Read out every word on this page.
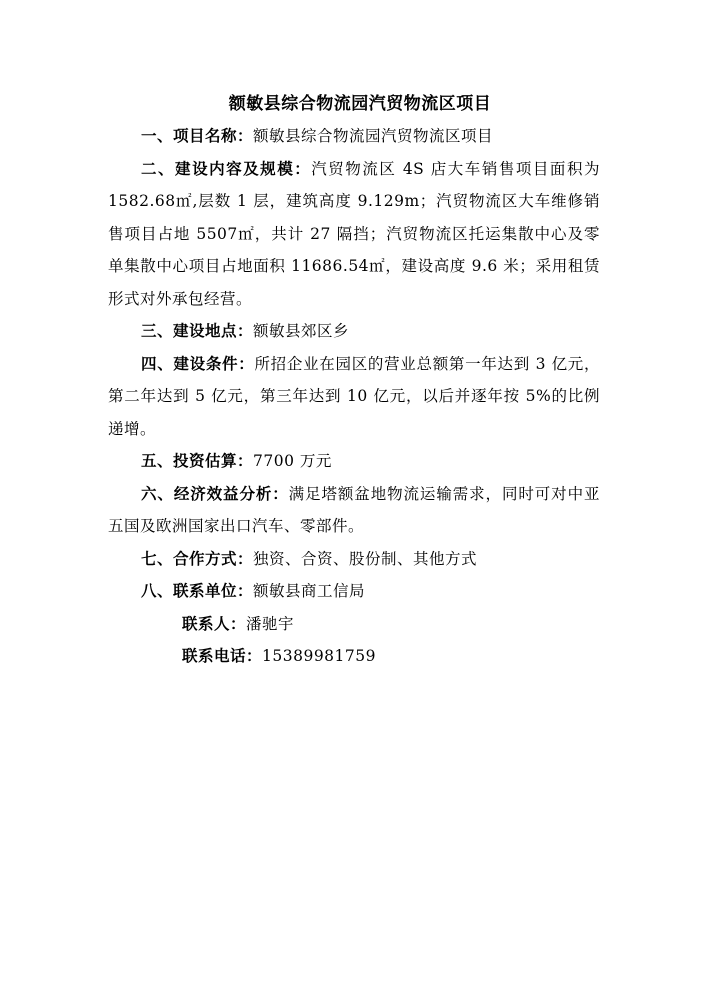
额敏县综合物流园汽贸物流区项目
一、项目名称：额敏县综合物流园汽贸物流区项目
二、建设内容及规模：汽贸物流区 4S 店大车销售项目面积为 1582.68㎡,层数 1 层，建筑高度 9.129m；汽贸物流区大车维修销售项目占地 5507㎡，共计 27 隔挡；汽贸物流区托运集散中心及零单集散中心项目占地面积 11686.54㎡，建设高度 9.6 米；采用租赁形式对外承包经营。
三、建设地点：额敏县郊区乡
四、建设条件：所招企业在园区的营业总额第一年达到 3 亿元，第二年达到 5 亿元，第三年达到 10 亿元，以后并逐年按 5%的比例递增。
五、投资估算：7700 万元
六、经济效益分析：满足塔额盆地物流运输需求，同时可对中亚五国及欧洲国家出口汽车、零部件。
七、合作方式：独资、合资、股份制、其他方式
八、联系单位：额敏县商工信局
联系人：潘驰宇
联系电话：15389981759
